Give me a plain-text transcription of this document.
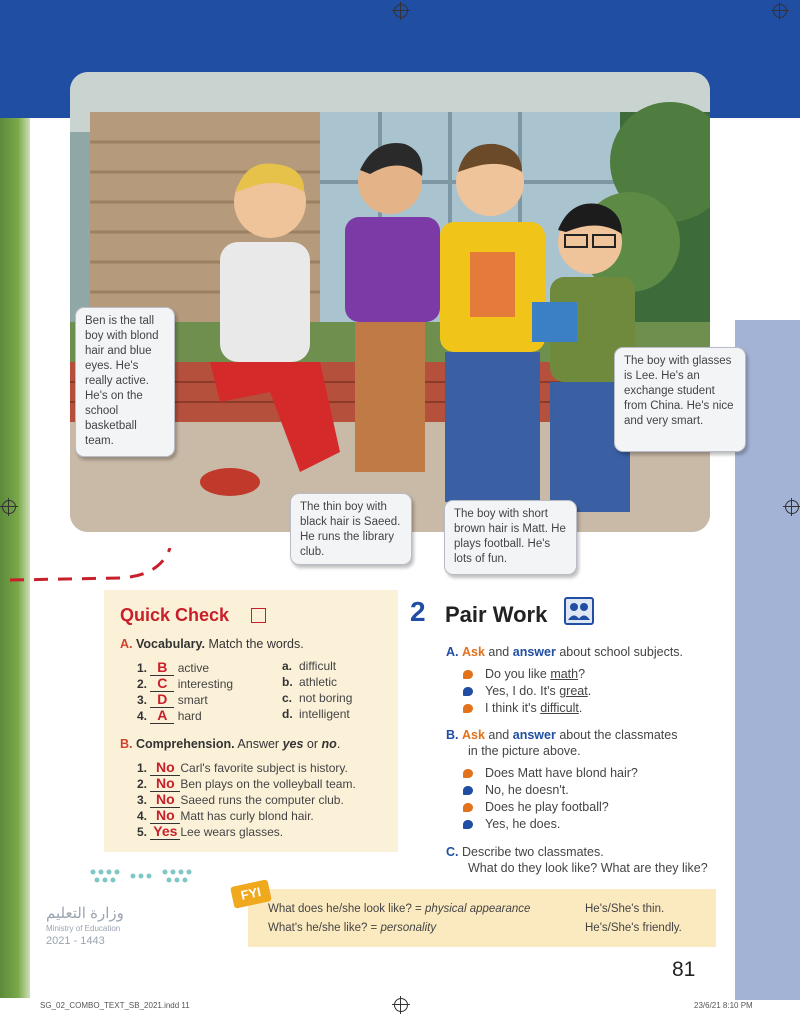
Ben is the tall boy with blond hair and blue eyes. He's really active. He's on the school basketball team.
The boy with glasses is Lee. He's an exchange student from China. He's nice and very smart.
The thin boy with black hair is Saeed. He runs the library club.
The boy with short brown hair is Matt. He plays football. He's lots of fun.
Quick Check
A. Vocabulary. Match the words.
1. B active	a. difficult
2. C interesting	b. athletic
3. D smart	c. not boring
4. A hard	d. intelligent
B. Comprehension. Answer yes or no.
1. No Carl's favorite subject is history.
2. No Ben plays on the volleyball team.
3. No Saeed runs the computer club.
4. No Matt has curly blond hair.
5. Yes Lee wears glasses.
2 Pair Work
A. Ask and answer about school subjects.
Do you like math?
Yes, I do. It's great.
I think it's difficult.
B. Ask and answer about the classmates
in the picture above.
Does Matt have blond hair?
No, he doesn't.
Does he play football?
Yes, he does.
C. Describe two classmates.
What do they look like? What are they like?
FYI
What does he/she look like? = physical appearance	He's/She's thin.
What's he/she like? = personality	He's/She's friendly.
وزارة التعليم
Ministry of Education
2021 - 1443
81
SG_02_COMBO_TEXT_SB_2021.indd 11	23/6/21 8:10 PM
